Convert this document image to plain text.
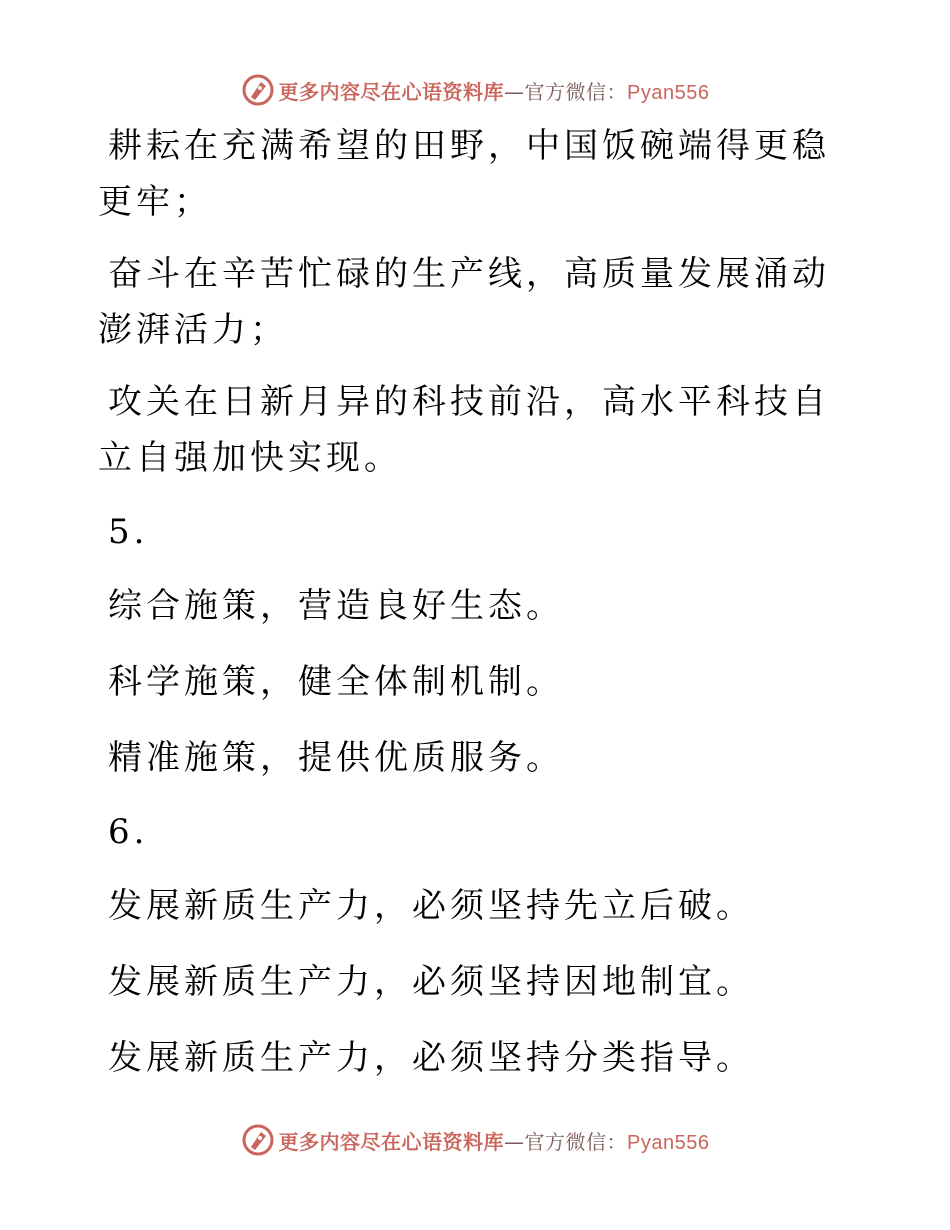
更多内容尽在心语资料库—官方微信：Pyan556

耕耘在充满希望的田野，中国饭碗端得更稳更牢；

奋斗在辛苦忙碌的生产线，高质量发展涌动澎湃活力；

攻关在日新月异的科技前沿，高水平科技自立自强加快实现。

5.

综合施策，营造良好生态。

科学施策，健全体制机制。

精准施策，提供优质服务。

6.

发展新质生产力，必须坚持先立后破。

发展新质生产力，必须坚持因地制宜。

发展新质生产力，必须坚持分类指导。

更多内容尽在心语资料库—官方微信：Pyan556
